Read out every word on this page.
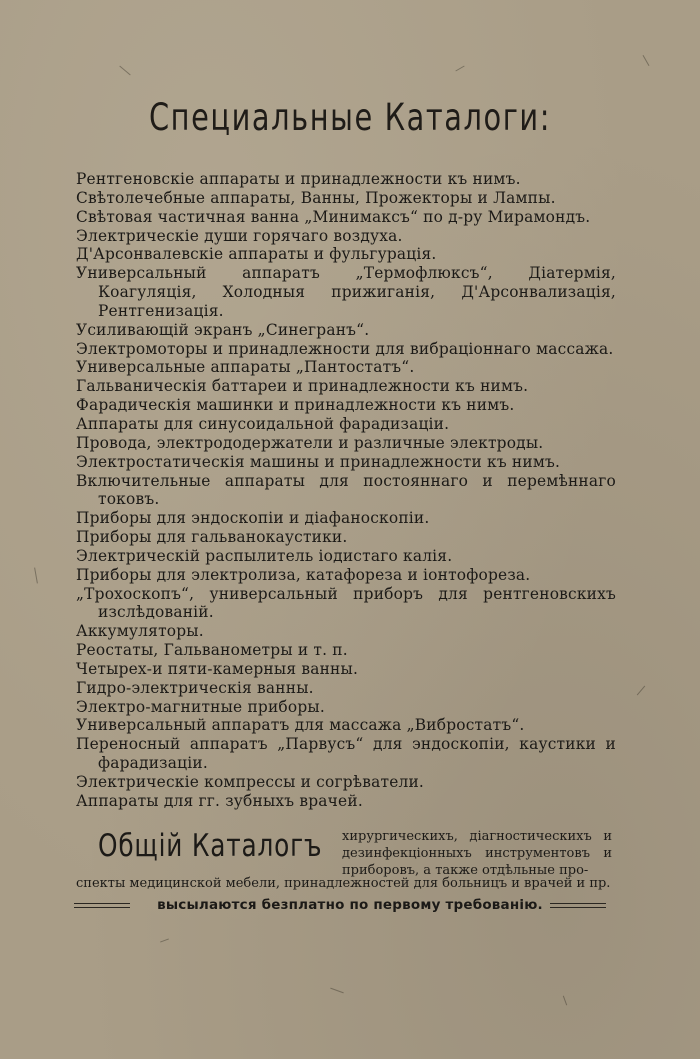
Специальные Каталоги:
Рентгеновскіе аппараты и принадлежности къ нимъ.
Свѣтолечебные аппараты, Ванны, Прожекторы и Лампы.
Свѣтовая частичная ванна „Минимаксъ“ по д-ру Мирамондъ.
Электрическіе души горячаго воздуха.
Д'Арсонвалевскіе аппараты и фульгурація.
Универсальный аппаратъ „Термофлюксъ“, Діатермія, Коагуляція, Холодныя прижиганія, Д'Арсонвализація, Рентгенизація.
Усиливающій экранъ „Синегранъ“.
Электромоторы и принадлежности для вибраціоннаго массажа.
Универсальные аппараты „Пантостатъ“.
Гальваническія баттареи и принадлежности къ нимъ.
Фарадическія машинки и принадлежности къ нимъ.
Аппараты для синусоидальной фарадизаціи.
Провода, электрододержатели и различные электроды.
Электростатическія машины и принадлежности къ нимъ.
Включительные аппараты для постояннаго и перемѣннаго токовъ.
Приборы для эндоскопіи и діафаноскопіи.
Приборы для гальванокаустики.
Электрическій распылитель іодистаго калія.
Приборы для электролиза, катафореза и іонтофореза.
„Трохоскопъ“, универсальный приборъ для рентгеновскихъ изслѣдованій.
Аккумуляторы.
Реостаты, Гальванометры и т. п.
Четырех-и пяти-камерныя ванны.
Гидро-электрическія ванны.
Электро-магнитные приборы.
Универсальный аппаратъ для массажа „Вибростатъ“.
Переносный аппаратъ „Парвусъ“ для эндоскопіи, каустики и фарадизаціи.
Электрическіе компрессы и согрѣватели.
Аппараты для гг. зубныхъ врачей.
Общій Каталогъ хирургическихъ, діагностическихъ и дезинфекціонныхъ инструментовъ и приборовъ, а также отдѣльные про-
спекты медицинской мебели, принадлежностей для больницъ и врачей и пр.
высылаются безплатно по первому требованію.
